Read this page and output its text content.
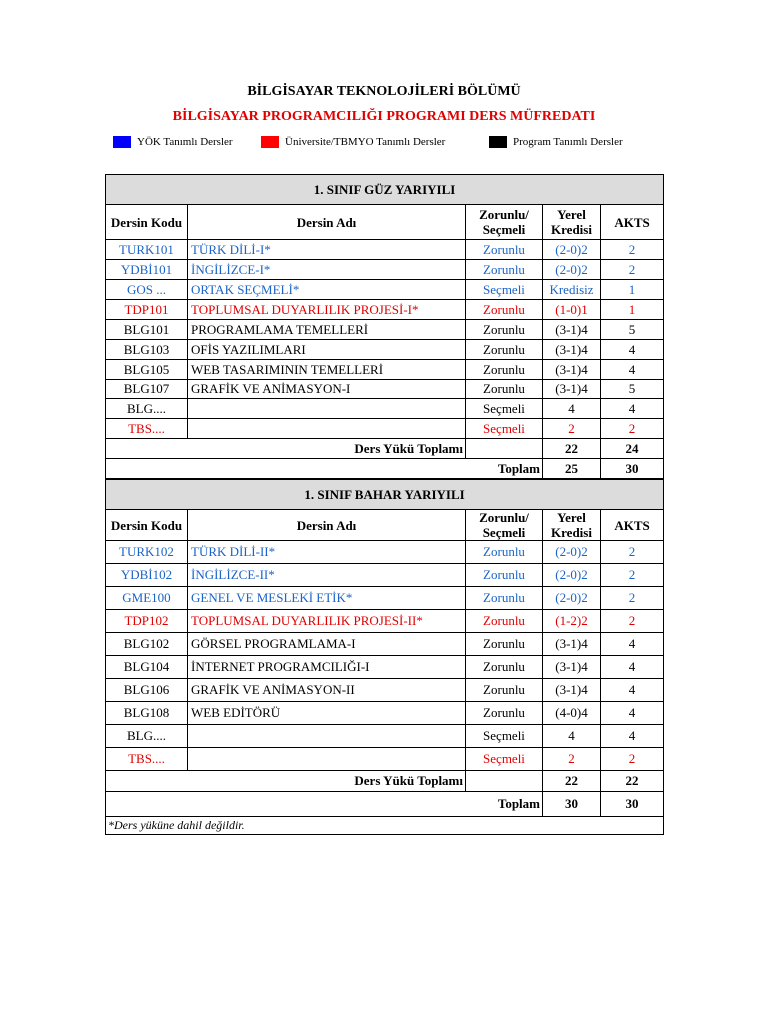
BİLGİSAYAR TEKNOLOJİLERİ BÖLÜMÜ
BİLGİSAYAR PROGRAMCILIĞI PROGRAMI DERS MÜFREDATI
YÖK Tanımlı Dersler	Üniversite/TBMYO Tanımlı Dersler	Program Tanımlı Dersler
1. SINIF GÜZ YARIYILI				
Dersin Kodu	Dersin Adı	Zorunlu/ Seçmeli	Yerel Kredisi	AKTS
TURK101	TÜRK DİLİ-I*	Zorunlu	(2-0)2	2
YDBİ101	İNGİLİZCE-I*	Zorunlu	(2-0)2	2
GOS ...	ORTAK SEÇMELİ*	Seçmeli	Kredisiz	1
TDP101	TOPLUMSAL DUYARLILIK PROJESİ-I*	Zorunlu	(1-0)1	1
BLG101	PROGRAMLAMA TEMELLERİ	Zorunlu	(3-1)4	5
BLG103	OFİS YAZILIMLARI	Zorunlu	(3-1)4	4
BLG105	WEB TASARIMININ TEMELLERİ	Zorunlu	(3-1)4	4
BLG107	GRAFİK VE ANİMASYON-I	Zorunlu	(3-1)4	5
BLG....		Seçmeli	4	4
TBS....		Seçmeli	2	2
Ders Yükü Toplamı			22	24
Toplam			25	30
1. SINIF BAHAR YARIYILI				
Dersin Kodu	Dersin Adı	Zorunlu/ Seçmeli	Yerel Kredisi	AKTS
TURK102	TÜRK DİLİ-II*	Zorunlu	(2-0)2	2
YDBİ102	İNGİLİZCE-II*	Zorunlu	(2-0)2	2
GME100	GENEL VE MESLEKİ ETİK*	Zorunlu	(2-0)2	2
TDP102	TOPLUMSAL DUYARLILIK PROJESİ-II*	Zorunlu	(1-2)2	2
BLG102	GÖRSEL PROGRAMLAMA-I	Zorunlu	(3-1)4	4
BLG104	İNTERNET PROGRAMCILIĞI-I	Zorunlu	(3-1)4	4
BLG106	GRAFİK VE ANİMASYON-II	Zorunlu	(3-1)4	4
BLG108	WEB EDİTÖRÜ	Zorunlu	(4-0)4	4
BLG....		Seçmeli	4	4
TBS....		Seçmeli	2	2
Ders Yükü Toplamı			22	22
Toplam			30	30
*Ders yüküne dahil değildir.				
